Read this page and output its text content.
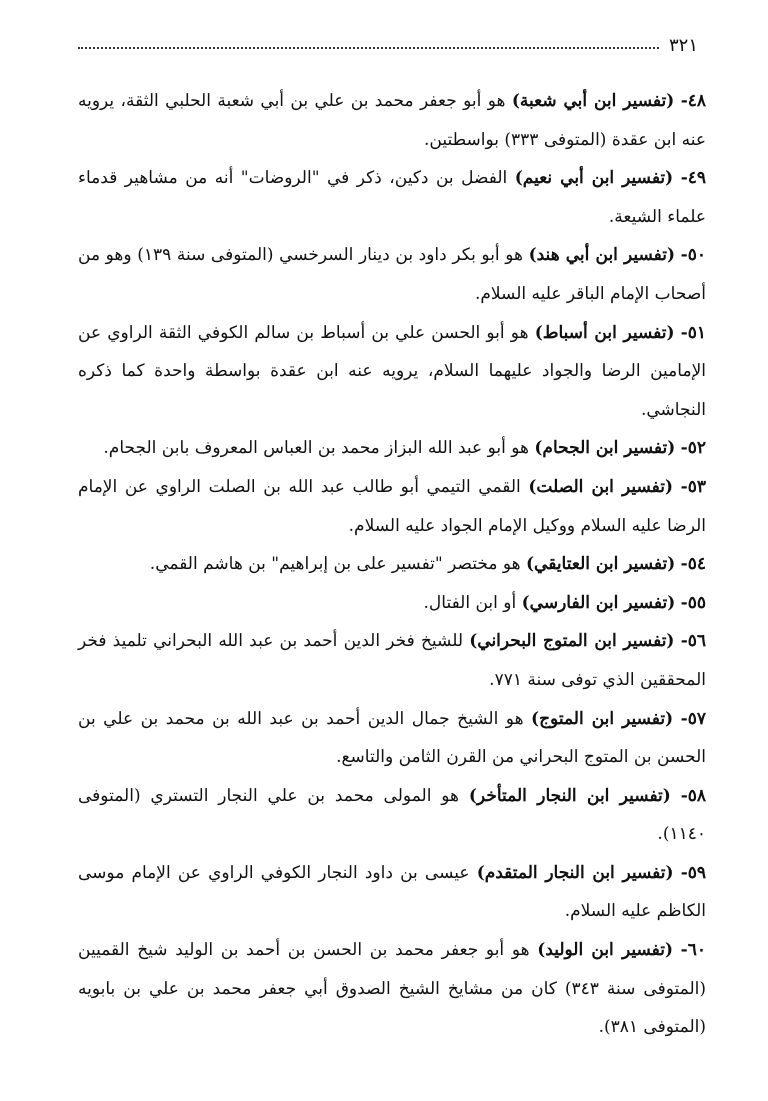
٣٢١

٤٨- (تفسير ابن أبي شعبة) هو أبو جعفر محمد بن علي بن أبي شعبة الحلبي الثقة، يرويه عنه ابن عقدة (المتوفى ٣٣٣) بواسطتين.

٤٩- (تفسير ابن أبي نعيم) الفضل بن دكين، ذكر في "الروضات" أنه من مشاهير قدماء علماء الشيعة.

٥٠- (تفسير ابن أبي هند) هو أبو بكر داود بن دينار السرخسي (المتوفى سنة ١٣٩) وهو من أصحاب الإمام الباقر عليه السلام.

٥١- (تفسير ابن أسباط) هو أبو الحسن علي بن أسباط بن سالم الكوفي الثقة الراوي عن الإمامين الرضا والجواد عليهما السلام، يرويه عنه ابن عقدة بواسطة واحدة كما ذكره النجاشي.

٥٢- (تفسير ابن الجحام) هو أبو عبد الله البزاز محمد بن العباس المعروف بابن الجحام.

٥٣- (تفسير ابن الصلت) القمي التيمي أبو طالب عبد الله بن الصلت الراوي عن الإمام الرضا عليه السلام ووكيل الإمام الجواد عليه السلام.

٥٤- (تفسير ابن العتايقي) هو مختصر "تفسير على بن إبراهيم" بن هاشم القمي.

٥٥- (تفسير ابن الفارسي) أو ابن الفتال.

٥٦- (تفسير ابن المتوج البحراني) للشيخ فخر الدين أحمد بن عبد الله البحراني تلميذ فخر المحققين الذي توفى سنة ٧٧١.

٥٧- (تفسير ابن المتوج) هو الشيخ جمال الدين أحمد بن عبد الله بن محمد بن علي بن الحسن بن المتوج البحراني من القرن الثامن والتاسع.

٥٨- (تفسير ابن النجار المتأخر) هو المولى محمد بن علي النجار التستري (المتوفى ١١٤٠).

٥٩- (تفسير ابن النجار المتقدم) عيسى بن داود النجار الكوفي الراوي عن الإمام موسى الكاظم عليه السلام.

٦٠- (تفسير ابن الوليد) هو أبو جعفر محمد بن الحسن بن أحمد بن الوليد شيخ القميين (المتوفى سنة ٣٤٣) كان من مشايخ الشيخ الصدوق أبي جعفر محمد بن علي بن بابويه (المتوفى ٣٨١).
